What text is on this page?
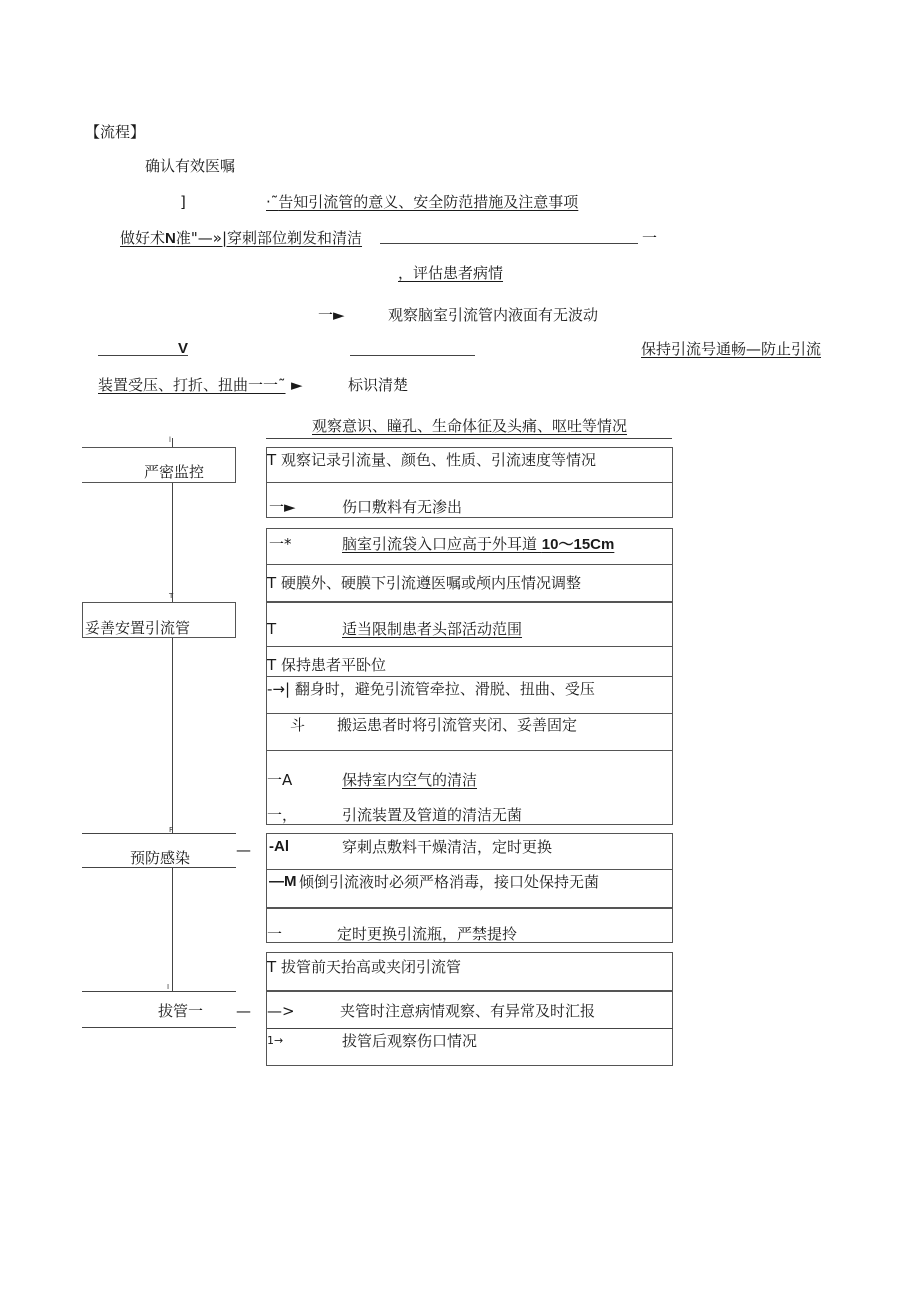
【流程】
确认有效医嘱
]	·˜告知引流管的意义、安全防范措施及注意事项
做好术N准"—»|穿刺部位剃发和清洁	一
，评估患者病情
一►	观察脑室引流管内液面有无波动
V	保持引流号通畅—防止引流
装置受压、打折、扭曲一一˜ ►	标识清楚
l
T
F
I
严密监控
妥善安置引流管
预防感染	—
拔管一 —
观察意识、瞳孔、生命体征及头痛、呕吐等情况
T 观察记录引流量、颜色、性质、引流速度等情况
一►	伤口敷料有无渗出
一*	脑室引流袋入口应高于外耳道 10〜15Cm
T 硬膜外、硬膜下引流遵医嘱或颅内压情况调整
T	适当限制患者头部活动范围
T 保持患者平卧位
-→| 翻身时，避免引流管牵拉、滑脱、扭曲、受压
斗 搬运患者时将引流管夹闭、妥善固定
一A	保持室内空气的清洁
一，	引流装置及管道的清洁无菌
-Al	穿刺点敷料干燥清洁，定时更换
—M 倾倒引流液时必须严格消毒，接口处保持无菌
一	定时更换引流瓶，严禁提拎
T 拔管前天抬高或夹闭引流管
—>	夹管时注意病情观察、有异常及时汇报
1→	拔管后观察伤口情况
